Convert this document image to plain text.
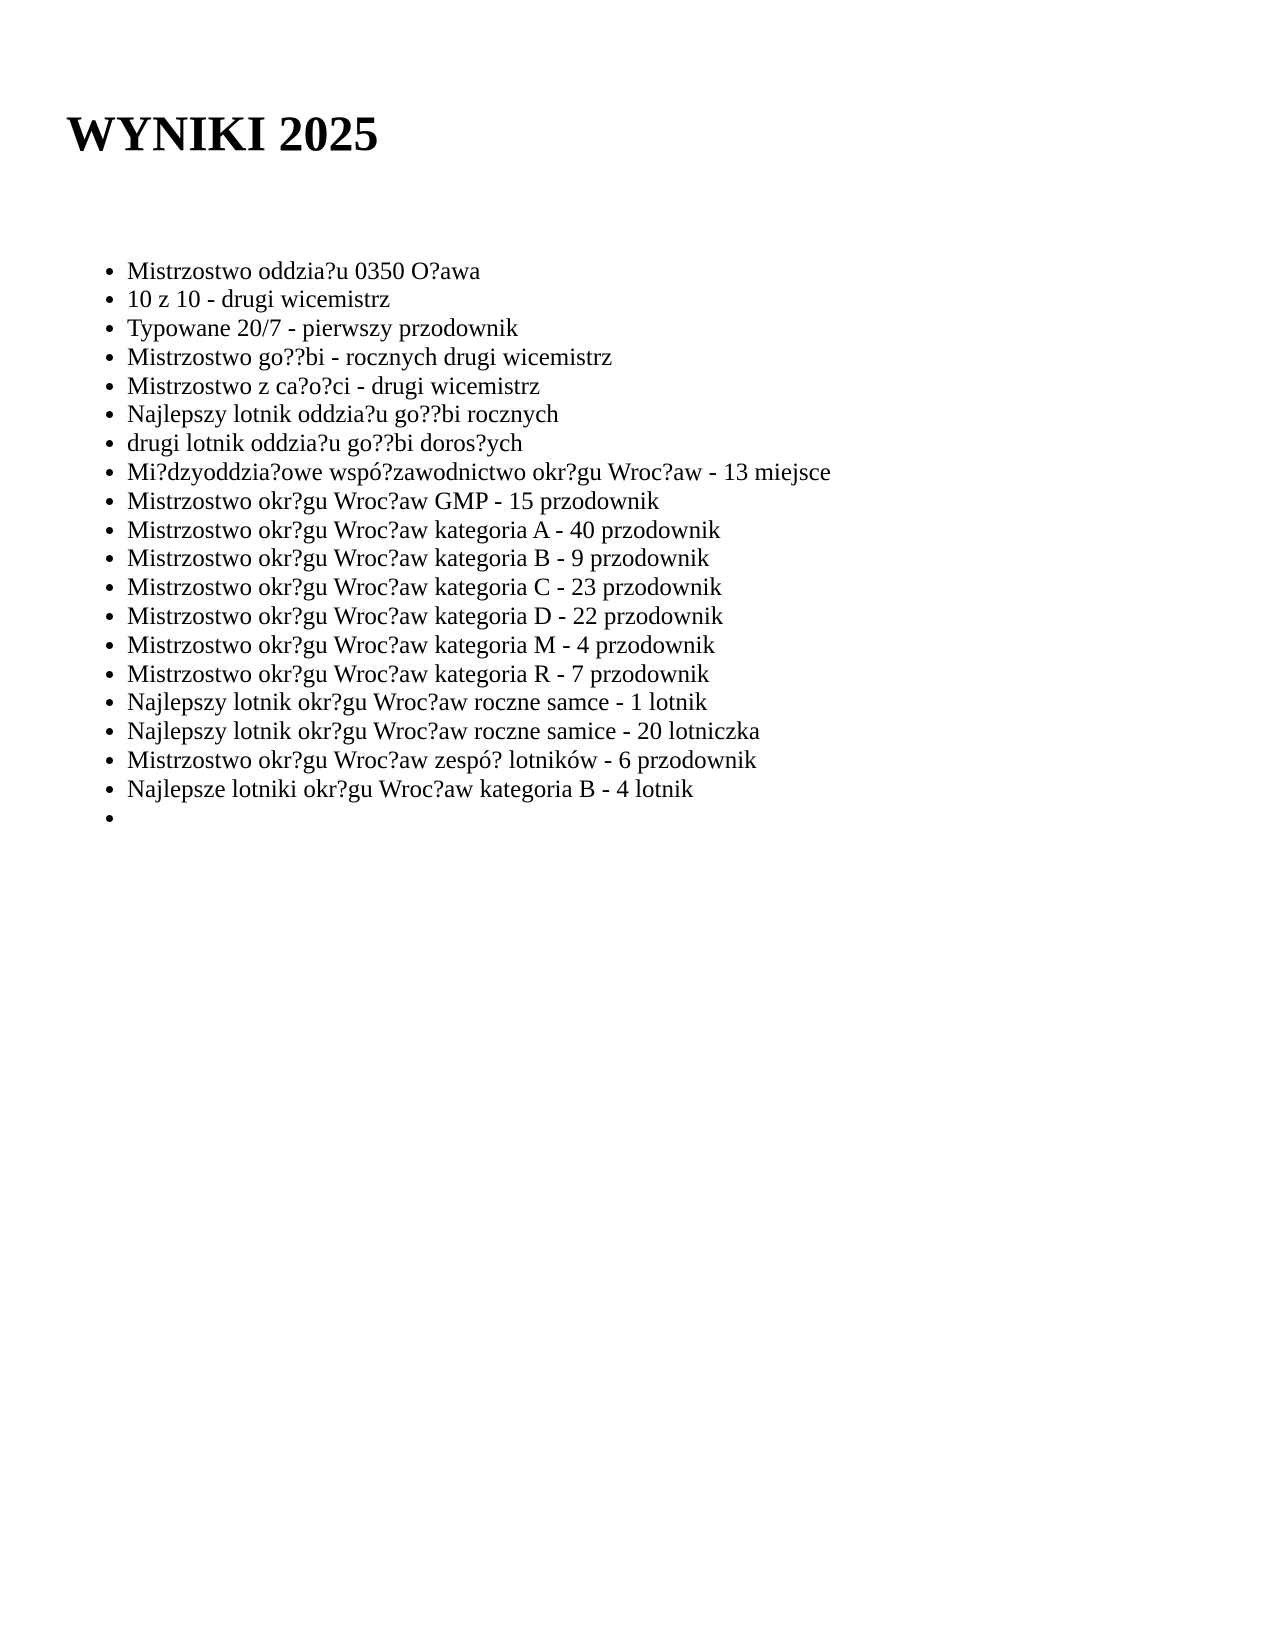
WYNIKI 2025
• Mistrzostwo oddzia?u 0350 O?awa
• 10 z 10 - drugi wicemistrz
• Typowane 20/7 - pierwszy przodownik
• Mistrzostwo go??bi - rocznych drugi wicemistrz
• Mistrzostwo z ca?o?ci - drugi wicemistrz
• Najlepszy lotnik oddzia?u go??bi rocznych
• drugi lotnik oddzia?u go??bi doros?ych
• Mi?dzyoddzia?owe wspó?zawodnictwo okr?gu Wroc?aw - 13 miejsce
• Mistrzostwo okr?gu Wroc?aw GMP - 15 przodownik
• Mistrzostwo okr?gu Wroc?aw kategoria A - 40 przodownik
• Mistrzostwo okr?gu Wroc?aw kategoria B - 9 przodownik
• Mistrzostwo okr?gu Wroc?aw kategoria C - 23 przodownik
• Mistrzostwo okr?gu Wroc?aw kategoria D - 22 przodownik
• Mistrzostwo okr?gu Wroc?aw kategoria M - 4 przodownik
• Mistrzostwo okr?gu Wroc?aw kategoria R - 7 przodownik
• Najlepszy lotnik okr?gu Wroc?aw roczne samce - 1 lotnik
• Najlepszy lotnik okr?gu Wroc?aw roczne samice - 20 lotniczka
• Mistrzostwo okr?gu Wroc?aw zespó? lotników - 6 przodownik
• Najlepsze lotniki okr?gu Wroc?aw kategoria B - 4 lotnik
•
